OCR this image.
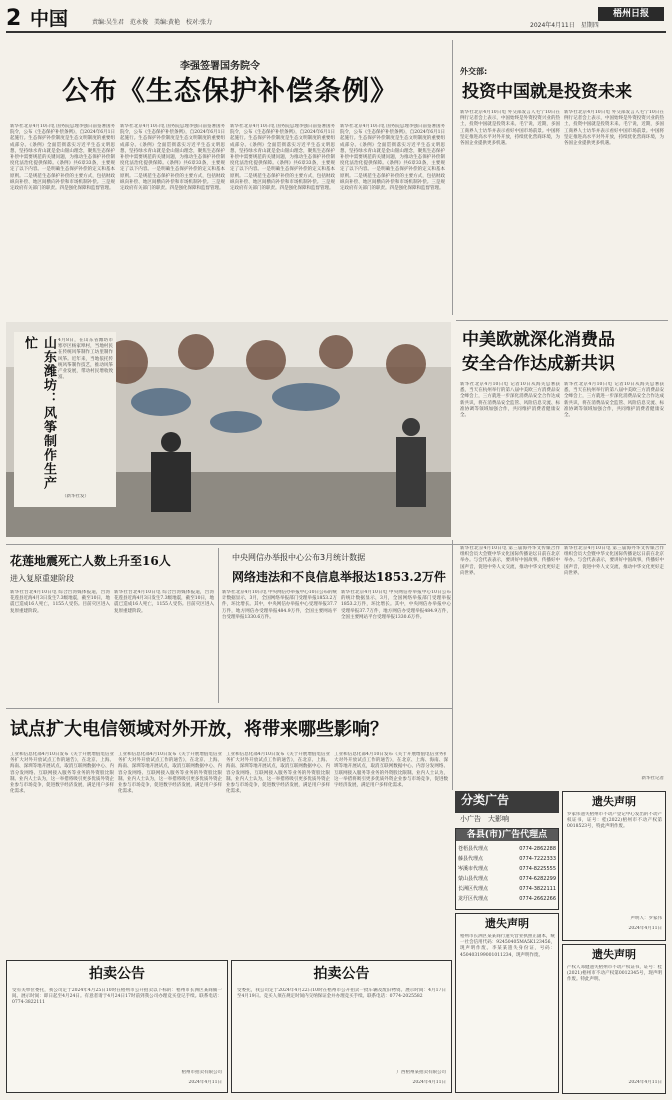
2 中国	责编:吴生君　范永俊　美编:黄艳　校对:张力
梧州日报
2024年4月11日　星期四
李强签署国务院令
公布《生态保护补偿条例》
新华社北京4月10日电 国务院总理李强日前签署国务院令，公布《生态保护补偿条例》，自2024年6月1日起施行。生态保护补偿制度是生态文明制度的重要组成部分。《条例》全面贯彻落实习近平生态文明思想，坚持绿水青山就是金山银山理念，聚焦生态保护补偿中需要规范的关键问题，为推动生态保护补偿制度化法治化提供保障。《条例》共6章33条，主要规定了以下内容。一是明确生态保护补偿的定义和基本原则。二是规范生态保护补偿的主要方式，包括财政纵向补偿、地区间横向补偿和市场机制补偿。三是规定政府有关部门的职责。四是强化保障和监督管理。
新华社北京4月10日电 国务院总理李强日前签署国务院令，公布《生态保护补偿条例》，自2024年6月1日起施行。生态保护补偿制度是生态文明制度的重要组成部分。《条例》全面贯彻落实习近平生态文明思想，坚持绿水青山就是金山银山理念，聚焦生态保护补偿中需要规范的关键问题，为推动生态保护补偿制度化法治化提供保障。《条例》共6章33条，主要规定了以下内容。一是明确生态保护补偿的定义和基本原则。二是规范生态保护补偿的主要方式，包括财政纵向补偿、地区间横向补偿和市场机制补偿。三是规定政府有关部门的职责。四是强化保障和监督管理。
新华社北京4月10日电 国务院总理李强日前签署国务院令，公布《生态保护补偿条例》，自2024年6月1日起施行。生态保护补偿制度是生态文明制度的重要组成部分。《条例》全面贯彻落实习近平生态文明思想，坚持绿水青山就是金山银山理念，聚焦生态保护补偿中需要规范的关键问题，为推动生态保护补偿制度化法治化提供保障。《条例》共6章33条，主要规定了以下内容。一是明确生态保护补偿的定义和基本原则。二是规范生态保护补偿的主要方式，包括财政纵向补偿、地区间横向补偿和市场机制补偿。三是规定政府有关部门的职责。四是强化保障和监督管理。
新华社北京4月10日电 国务院总理李强日前签署国务院令，公布《生态保护补偿条例》，自2024年6月1日起施行。生态保护补偿制度是生态文明制度的重要组成部分。《条例》全面贯彻落实习近平生态文明思想，坚持绿水青山就是金山银山理念，聚焦生态保护补偿中需要规范的关键问题，为推动生态保护补偿制度化法治化提供保障。《条例》共6章33条，主要规定了以下内容。一是明确生态保护补偿的定义和基本原则。二是规范生态保护补偿的主要方式，包括财政纵向补偿、地区间横向补偿和市场机制补偿。三是规定政府有关部门的职责。四是强化保障和监督管理。
外交部:
投资中国就是投资未来
新华社北京4月10日电 外交部发言人毛宁10日在例行记者会上表示，中国始终是外资投资兴业的热土，投资中国就是投资未来。毛宁说，近期，多国工商界人士访华并表示看好中国市场前景。中国将坚定推进高水平对外开放，持续优化营商环境，为各国企业提供更多机遇。
新华社北京4月10日电 外交部发言人毛宁10日在例行记者会上表示，中国始终是外资投资兴业的热土，投资中国就是投资未来。毛宁说，近期，多国工商界人士访华并表示看好中国市场前景。中国将坚定推进高水平对外开放，持续优化营商环境，为各国企业提供更多机遇。
中美欧就深化消费品
安全合作达成新共识
新华社北京4月10日电 记者10日从海关总署获悉，当天在杭州举行的第八届中美欧三方消费品安全峰会上，三方就进一步深化消费品安全合作达成新共识，将在消费品安全监管、风险信息交流、标准协调等领域加强合作，共同维护消费者健康安全。
新华社北京4月10日电 记者10日从海关总署获悉，当天在杭州举行的第八届中美欧三方消费品安全峰会上，三方就进一步深化消费品安全合作达成新共识，将在消费品安全监管、风险信息交流、标准协调等领域加强合作，共同维护消费者健康安全。
山东潍坊：风筝制作生产忙	4月8日，在山东省潍坊市寒亭区杨家埠村，当地村民在传统风筝制作工坊里制作风筝。近年来，当地依托传统风筝制作技艺，推动风筝产业发展，带动村民增收致富。
（新华社发）
花莲地震死亡人数上升至16人
进入复原重建阶段
新华社台北4月10日电 综合台湾媒体报道，台湾花莲县近海4月3日发生7.3级地震，截至10日，地震已造成16人死亡，1155人受伤。目前灾区进入复原重建阶段。
新华社台北4月10日电 综合台湾媒体报道，台湾花莲县近海4月3日发生7.3级地震，截至10日，地震已造成16人死亡，1155人受伤。目前灾区进入复原重建阶段。
中央网信办举报中心公布3月统计数据
网络违法和不良信息举报达1853.2万件
新华社北京4月10日电 中央网信办举报中心10日公布的统计数据显示，3月，全国网络举报部门受理举报1853.2万件，环比增长。其中，中央网信办举报中心受理举报37.7万件，地方网信办受理举报484.9万件，全国主要网站平台受理举报1330.6万件。
新华社北京4月10日电 中央网信办举报中心10日公布的统计数据显示，3月，全国网络举报部门受理举报1853.2万件，环比增长。其中，中央网信办举报中心受理举报37.7万件，地方网信办受理举报484.9万件，全国主要网站平台受理举报1330.6万件。
新华社北京4月10日电 第三届海外华文传媒合作组织会员大会暨中华文化国际传播论坛日前在北京举办。与会代表表示，要讲好中国故事，传播好中国声音，促进中外人文交流，推动中华文化更好走向世界。
新华社北京4月10日电 第三届海外华文传媒合作组织会员大会暨中华文化国际传播论坛日前在北京举办。与会代表表示，要讲好中国故事，传播好中国声音，促进中外人文交流，推动中华文化更好走向世界。
新华社记者
试点扩大电信领域对外开放，将带来哪些影响？
工业和信息化部4月10日发布《关于开展增值电信业务扩大对外开放试点工作的通告》，在北京、上海、海南、深圳等地开展试点，取消互联网数据中心、内容分发网络、互联网接入服务等业务的外资股比限制。业内人士认为，这一举措将吸引更多优质外资企业参与市场竞争，促进数字经济发展，满足用户多样化需求。
工业和信息化部4月10日发布《关于开展增值电信业务扩大对外开放试点工作的通告》，在北京、上海、海南、深圳等地开展试点，取消互联网数据中心、内容分发网络、互联网接入服务等业务的外资股比限制。业内人士认为，这一举措将吸引更多优质外资企业参与市场竞争，促进数字经济发展，满足用户多样化需求。
工业和信息化部4月10日发布《关于开展增值电信业务扩大对外开放试点工作的通告》，在北京、上海、海南、深圳等地开展试点，取消互联网数据中心、内容分发网络、互联网接入服务等业务的外资股比限制。业内人士认为，这一举措将吸引更多优质外资企业参与市场竞争，促进数字经济发展，满足用户多样化需求。
工业和信息化部4月10日发布《关于开展增值电信业务扩大对外开放试点工作的通告》，在北京、上海、海南、深圳等地开展试点，取消互联网数据中心、内容分发网络、互联网接入服务等业务的外资股比限制。业内人士认为，这一举措将吸引更多优质外资企业参与市场竞争，促进数字经济发展，满足用户多样化需求。
分类广告
小广告　大影响
各县(市)广告代理点
苍梧县代理点	0774-2862288
藤县代理点	0774-7222333
岑溪市代理点	0774-8225555
蒙山县代理点	0774-6282299
长洲区代理点	0774-3822111
龙圩区代理点	0774-2662266
遗失声明
罗家伟遗失梧州市不动产登记中心发出的不动产权证书，证号：桂(2022)梧州市不动产权第0018523号，特此声明作废。
声明人：罗家伟
2024年4月11日
遗失声明
梧州市长洲区某某商行遗失营业执照正副本，统一社会信用代码：92450405MA5K123456，现声明作废。李某某遗失身份证，号码：450403199001011234，现声明作废。	遗失声明
产权人邓健遗失梧州市不动产权证书，证号：桂(2021)梧州市不动产权第0012345号，现声明作废。特此声明。
2024年4月11日
拍卖公告
受有关单位委托，我公司定于2024年4月25日10时在梧州市公开拍卖以下标的：梧州市长洲区某商铺一间。展示时间：即日起至4月24日。有意者请于4月24日17时前到我公司办理竞买登记手续。联系电话：0774-3822111
梧州市拍卖有限公司
2024年4月11日
拍卖公告
受委托，我公司定于2024年4月22日10时在梧州市公开拍卖一批车辆及废旧物资。展示时间：4月17日至4月19日。竞买人须在规定时间内交纳保证金并办理竞买手续。联系电话：0774-2025582
广西梧州某拍卖有限公司
2024年4月11日
